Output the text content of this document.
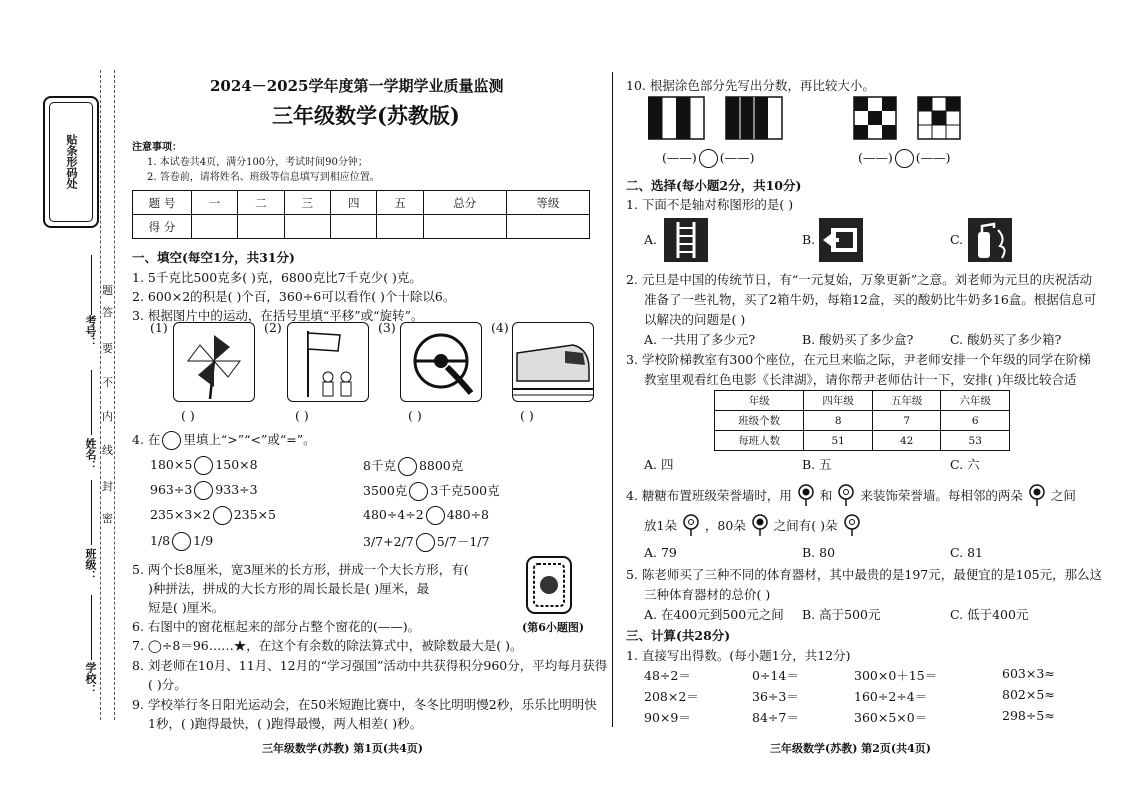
贴条形码处
考号：
姓名：
班级：
学校：
题
答
要
不
内
线
封
密
2024－2025学年度第一学期学业质量监测
三年级数学(苏教版)
注意事项：
1. 本试卷共4页，满分100分，考试时间90分钟；
2. 答卷前，请将姓名、班级等信息填写到相应位置。
题 号	一	二	三	四	五	总分	等级
得 分							
一、填空(每空1分，共31分)
1. 5千克比500克多( )克，6800克比7千克少( )克。
2. 600×2的积是( )个百，360÷6可以看作( )个十除以6。
3. 根据图片中的运动，在括号里填“平移”或“旋转”。
(1)	(2)	(3)	(4)
( )	( )	( )	( )
4. 在 里填上“>”“<”或“=”。
180×5 150×8	8千克 8800克
963÷3 933÷3	3500克 3千克500克
235×3×2 235×5	480÷4÷2 480÷8
1/8 1/9	3/7+2/7 5/7－1/7
5. 两个长8厘米，宽3厘米的长方形，拼成一个大长方形，有(
)种拼法，拼成的大长方形的周长最长是( )厘米，最
短是( )厘米。
6. 右图中的窗花框起来的部分占整个窗花的(——)。	(第6小题图)
7. ◯÷8＝96……★，在这个有余数的除法算式中，被除数最大是( )。
8. 刘老师在10月、11月、12月的“学习强国”活动中共获得积分960分，平均每月获得
( )分。
9. 学校举行冬日阳光运动会，在50米短跑比赛中，冬冬比明明慢2秒，乐乐比明明快
1秒，( )跑得最快，( )跑得最慢，两人相差( )秒。
三年级数学(苏教) 第1页(共4页)
10. 根据涂色部分先写出分数，再比较大小。
(——) (——)	(——) (——)
二、选择(每小题2分，共10分)
1. 下面不是轴对称图形的是( )
A.	B.	C.
2. 元旦是中国的传统节日，有“一元复始，万象更新”之意。刘老师为元旦的庆祝活动
准备了一些礼物，买了2箱牛奶，每箱12盒，买的酸奶比牛奶多16盒。根据信息可
以解决的问题是( )
A. 一共用了多少元?	B. 酸奶买了多少盒?	C. 酸奶买了多少箱?
3. 学校阶梯教室有300个座位，在元旦来临之际，尹老师安排一个年级的同学在阶梯
教室里观看红色电影《长津湖》，请你帮尹老师估计一下，安排( )年级比较合适
年级	四年级	五年级	六年级
班级个数	8	7	6
每班人数	51	42	53
A. 四	B. 五	C. 六
4. 糖糖布置班级荣誉墙时，用 和 来装饰荣誉墙。每相邻的两朵 之间
放1朵 ，80朵 之间有( )朵
A. 79	B. 80	C. 81
5. 陈老师买了三种不同的体育器材，其中最贵的是197元，最便宜的是105元，那么这
三种体育器材的总价( )
A. 在400元到500元之间 B. 高于500元	C. 低于400元
三、计算(共28分)
1. 直接写出得数。(每小题1分，共12分)
48÷2＝	0÷14＝	300×0＋15＝	603×3≈
208×2＝	36÷3＝	160÷2÷4＝	802×5≈
90×9＝	84÷7＝	360×5×0＝	298÷5≈
三年级数学(苏教) 第2页(共4页)
